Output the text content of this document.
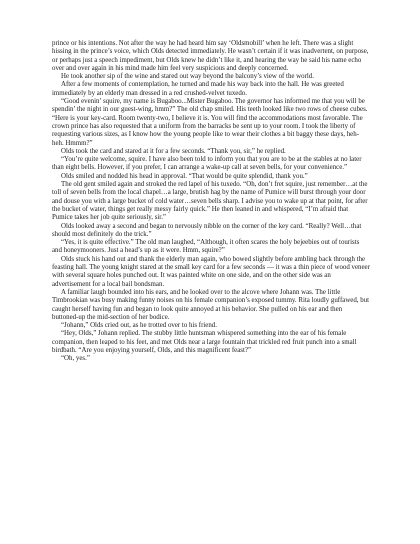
prince or his intentions. Not after the way he had heard him say ‘Oldsmobill’ when he left. There was a slight hissing in the prince’s voice, which Olds detected immediately. He wasn’t certain if it was inadvertent, on purpose, or perhaps just a speech impediment, but Olds knew he didn’t like it, and hearing the way he said his name echo over and over again in his mind made him feel very suspicious and deeply concerned.

He took another sip of the wine and stared out way beyond the balcony’s view of the world.

After a few moments of contemplation, he turned and made his way back into the hall. He was greeted immediately by an elderly man dressed in a red crushed-velvet tuxedo.

“Good evenin’ squire, my name is Bugaboo...Mister Bugaboo. The governor has informed me that you will be spendin’ the night in our guest-wing, hmm?” The old chap smiled. His teeth looked like two rows of cheese cubes. “Here is your key-card. Room twenty-two, I believe it is. You will find the accommodations most favorable. The crown prince has also requested that a uniform from the barracks be sent up to your room. I took the liberty of requesting various sizes, as I know how the young people like to wear their clothes a bit baggy these days, heh-heh. Hmmm?”

Olds took the card and stared at it for a few seconds. “Thank you, sir,” he replied.

“You’re quite welcome, squire. I have also been told to inform you that you are to be at the stables at no later than eight bells. However, if you prefer, I can arrange a wake-up call at seven bells, for your convenience.”

Olds smiled and nodded his head in approval. “That would be quite splendid, thank you.”

The old gent smiled again and stroked the red lapel of his tuxedo. “Oh, don’t fret squire, just remember…at the toll of seven bells from the local chapel…a large, brutish hag by the name of Pumice will burst through your door and douse you with a large bucket of cold water…seven bells sharp. I advise you to wake up at that point, for after the bucket of water, things get really messy fairly quick.” He then leaned in and whispered, “I’m afraid that Pumice takes her job quite seriously, sir.”

Olds looked away a second and began to nervously nibble on the corner of the key card. “Really? Well…that should most definitely do the trick.”

“Yes, it is quite effective.” The old man laughed, “Although, it often scares the holy bejeebies out of tourists and honeymooners. Just a head’s up as it were. Hmm, squire?”

Olds stuck his hand out and thank the elderly man again, who bowed slightly before ambling back through the feasting hall. The young knight stared at the small key card for a few seconds — it was a thin piece of wood veneer with several square holes punched out. It was painted white on one side, and on the other side was an advertisement for a local bail bondsman.

A familiar laugh bounded into his ears, and he looked over to the alcove where Johann was. The little Timbrookian was busy making funny noises on his female companion’s exposed tummy. Rita loudly guffawed, but caught herself having fun and began to look quite annoyed at his behavior. She pulled on his ear and then buttoned-up the mid-section of her bodice.

“Johann,” Olds cried out, as he trotted over to his friend.

“Hey, Olds,” Johann replied. The stubby little huntsman whispered something into the ear of his female companion, then leaped to his feet, and met Olds near a large fountain that trickled red fruit punch into a small birdbath. “Are you enjoying yourself, Olds, and this magnificent feast?”

“Oh, yes.”
